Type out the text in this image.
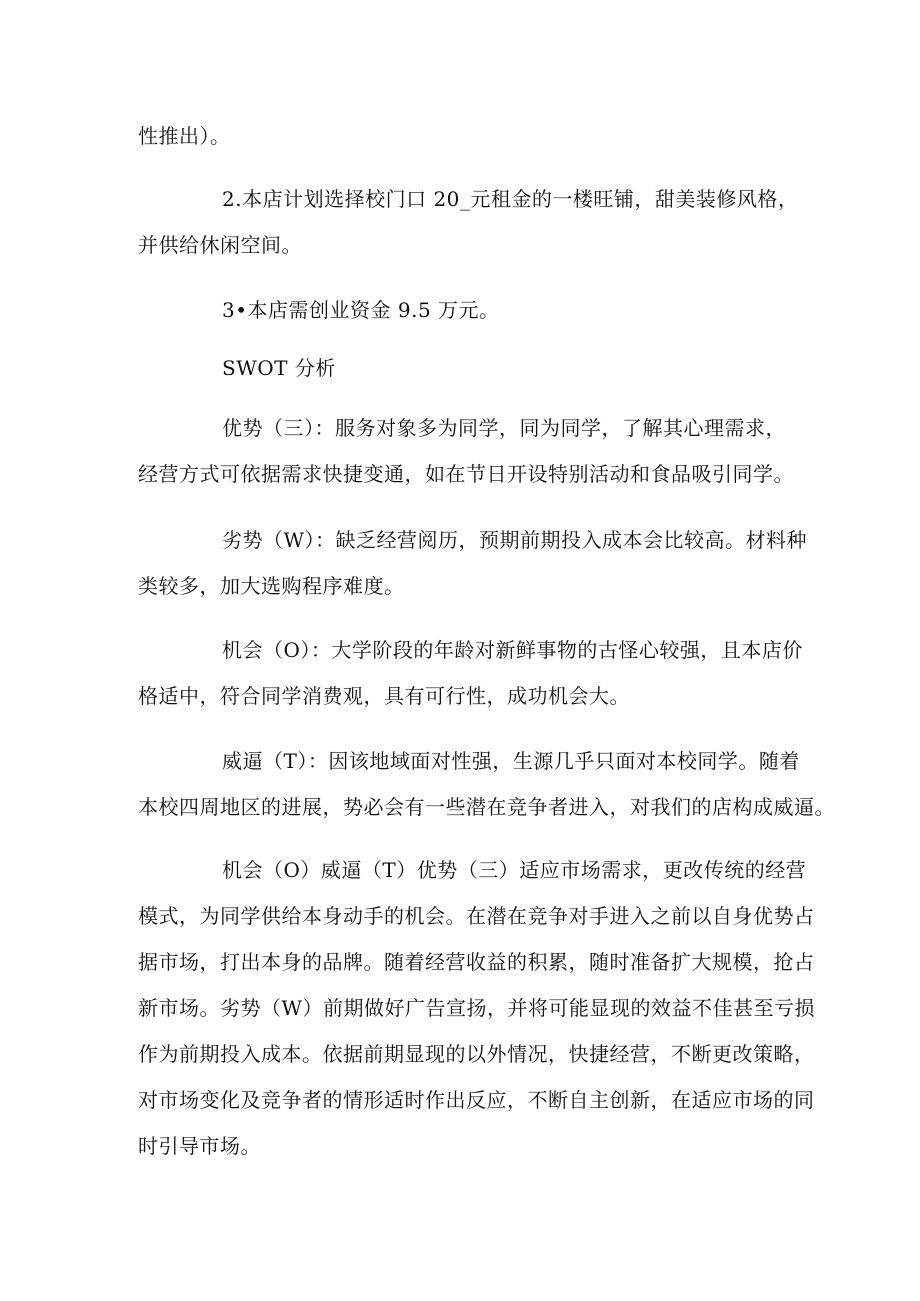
性推出）。

2.本店计划选择校门口 20_元租金的一楼旺铺，甜美装修风格，
并供给休闲空间。

3•本店需创业资金 9.5 万元。

SWOT 分析

优势（三）：服务对象多为同学，同为同学，了解其心理需求，
经营方式可依据需求快捷变通，如在节日开设特别活动和食品吸引同学。

劣势（W）：缺乏经营阅历，预期前期投入成本会比较高。材料种
类较多，加大选购程序难度。

机会（O）：大学阶段的年龄对新鲜事物的古怪心较强，且本店价
格适中，符合同学消费观，具有可行性，成功机会大。

威逼（T）：因该地域面对性强，生源几乎只面对本校同学。随着
本校四周地区的进展，势必会有一些潜在竞争者进入，对我们的店构成威逼。

机会（O）威逼（T）优势（三）适应市场需求，更改传统的经营
模式，为同学供给本身动手的机会。在潜在竞争对手进入之前以自身优势占
据市场，打出本身的品牌。随着经营收益的积累，随时准备扩大规模，抢占
新市场。劣势（W）前期做好广告宣扬，并将可能显现的效益不佳甚至亏损
作为前期投入成本。依据前期显现的以外情况，快捷经营，不断更改策略，
对市场变化及竞争者的情形适时作出反应，不断自主创新，在适应市场的同
时引导市场。
